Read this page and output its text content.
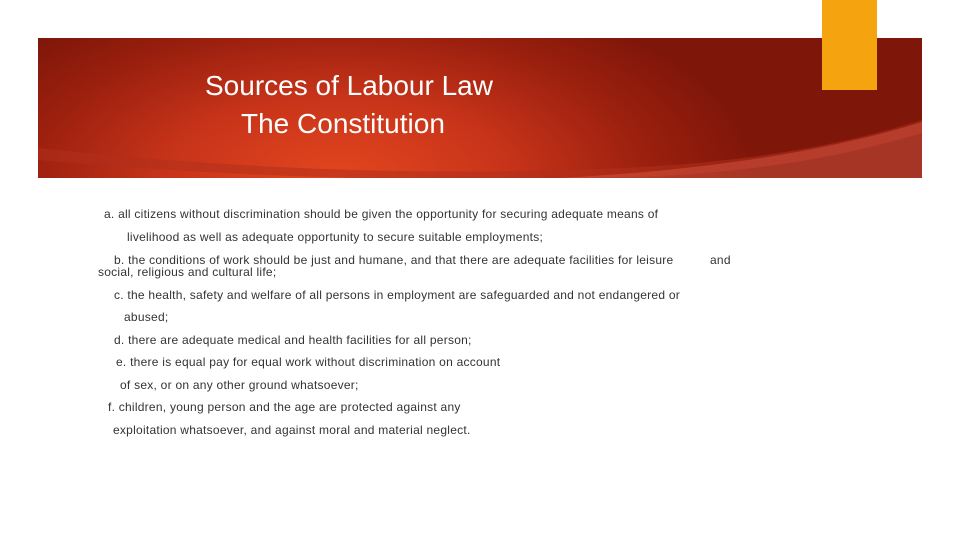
Sources of Labour Law
The Constitution
a. all citizens without discrimination should be given the opportunity for securing adequate means of
livelihood as well as adequate opportunity to secure suitable employments;
b. the conditions of work should be just and humane, and that there are adequate facilities for leisure	and
social, religious and cultural life;
c. the health, safety and welfare of all persons in employment are safeguarded and not endangered or
abused;
d. there are adequate medical and health facilities for all person;
e. there is equal pay for equal work without discrimination on account
of sex, or on any other ground whatsoever;
f. children, young person and the age are protected against any
exploitation whatsoever, and against moral and material neglect.
